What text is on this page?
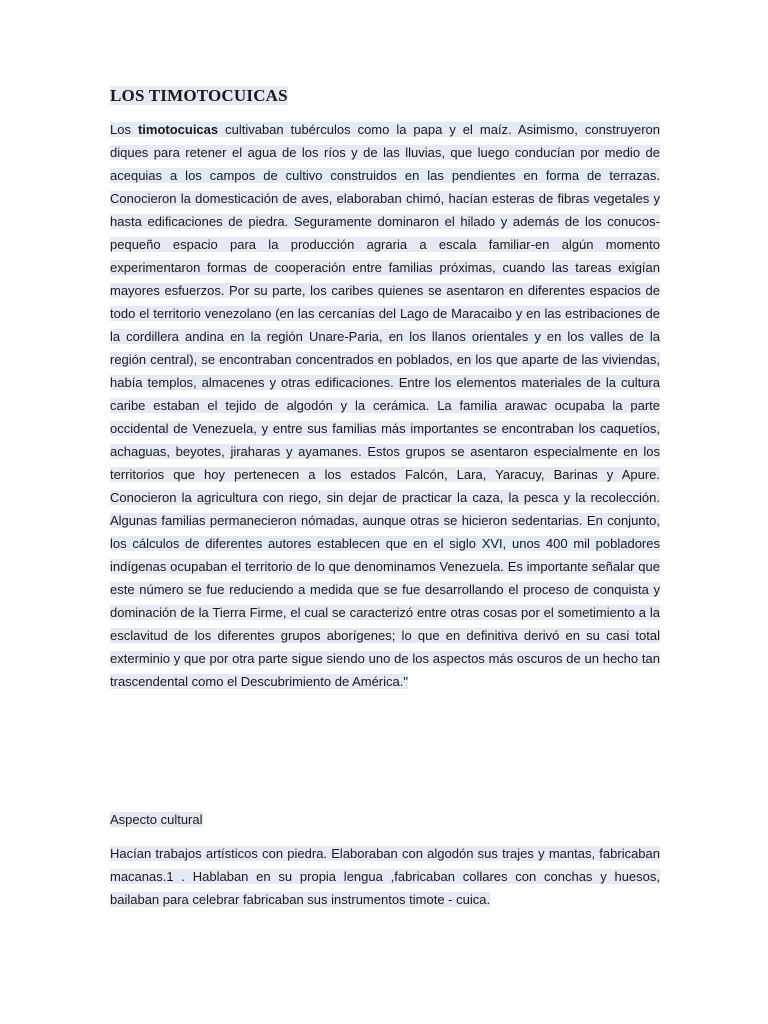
LOS TIMOTOCUICAS

Los timotocuicas cultivaban tubérculos como la papa y el maíz. Asimismo, construyeron diques para retener el agua de los ríos y de las lluvias, que luego conducían por medio de acequias a los campos de cultivo construidos en las pendientes en forma de terrazas. Conocieron la domesticación de aves, elaboraban chimó, hacían esteras de fibras vegetales y hasta edificaciones de piedra. Seguramente dominaron el hilado y además de los conucos-pequeño espacio para la producción agraria a escala familiar-en algún momento experimentaron formas de cooperación entre familias próximas, cuando las tareas exigían mayores esfuerzos. Por su parte, los caribes quienes se asentaron en diferentes espacios de todo el territorio venezolano (en las cercanías del Lago de Maracaibo y en las estribaciones de la cordillera andina en la región Unare-Paria, en los llanos orientales y en los valles de la región central), se encontraban concentrados en poblados, en los que aparte de las viviendas, había templos, almacenes y otras edificaciones. Entre los elementos materiales de la cultura caribe estaban el tejido de algodón y la cerámica. La familia arawac ocupaba la parte occidental de Venezuela, y entre sus familias más importantes se encontraban los caquetíos, achaguas, beyotes, jiraharas y ayamanes. Estos grupos se asentaron especialmente en los territorios que hoy pertenecen a los estados Falcón, Lara, Yaracuy, Barinas y Apure. Conocieron la agricultura con riego, sin dejar de practicar la caza, la pesca y la recolección. Algunas familias permanecieron nómadas, aunque otras se hicieron sedentarias. En conjunto, los cálculos de diferentes autores establecen que en el siglo XVI, unos 400 mil pobladores indígenas ocupaban el territorio de lo que denominamos Venezuela. Es importante señalar que este número se fue reduciendo a medida que se fue desarrollando el proceso de conquista y dominación de la Tierra Firme, el cual se caracterizó entre otras cosas por el sometimiento a la esclavitud de los diferentes grupos aborígenes; lo que en definitiva derivó en su casi total exterminio y que por otra parte sigue siendo uno de los aspectos más oscuros de un hecho tan trascendental como el Descubrimiento de América."

Aspecto cultural

Hacían trabajos artísticos con piedra. Elaboraban con algodón sus trajes y mantas, fabricaban macanas.1 . Hablaban en su propia lengua ,fabricaban collares con conchas y huesos, bailaban para celebrar fabricaban sus instrumentos timote - cuica.
